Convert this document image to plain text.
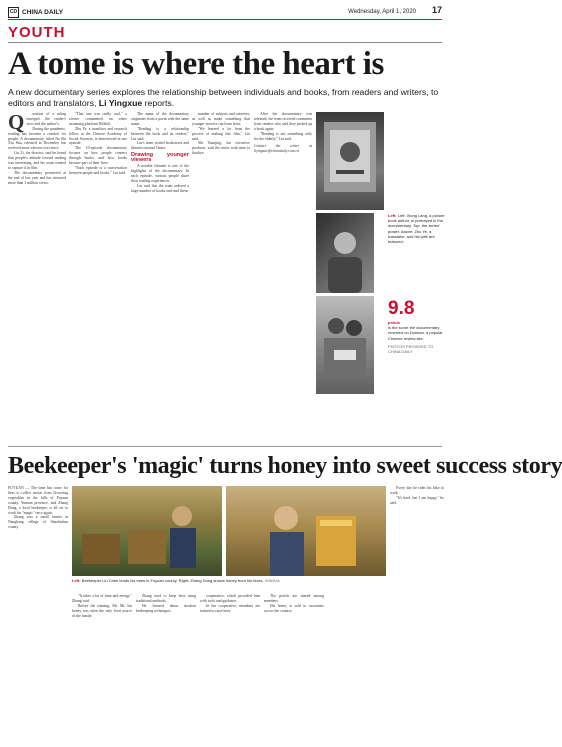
CD CHINA DAILY	Wednesday, April 1, 2020 17
YOUTH
A tome is where the heart is
A new documentary series explores the relationship between individuals and books, from readers and writers, to editors and translators, Li Yingxue reports.
Q	uestion of a ruling emerged: the reader's view and the author's.

During the pandemic, reading has become a comfort for people. A documentary, titled Jiu Shi Xin Shu, released in December has received more viewers ever since.

Liu Zi, the director, said he found that people's attitude toward reading was interesting, and his team wanted to capture it in film.

The documentary premiered at the end of last year and has attracted more than 1 million views.

"That one was really cool," a viewer commented on video streaming platform Bilibili.

Zhu Ye, a translator and research fellow at the Chinese Academy of Social Sciences, is interviewed in one episode.

The 10-episode documentary focuses on how people connect through books, and how books become part of their lives.

"Each episode is a conversation between people and books," Liu said.

The name of the documentary originates from a poem with the same name.

"Reading is a relationship between the book and its readers," Liu said.

Liu's team visited bookstores and libraries around China.

Drawing younger viewers

A notable element is one of the highlights of the documentary. In each episode, various people share their reading experiences.

Liu said that the team ordered a large number of books and read them.

number of subjects and interests, as well as make something that younger viewers can learn from.

"We learned a lot from the process of making this film," Liu said.

Shi Yuanjing, the executive producer, said the series took time to finalize.

After the documentary was released, the team received comments from readers who said they picked up a book again.

"Reading is not something only for the elderly," Liu said.

Contact the writer at liyingxue@chinadaily.com.cn

Left: Left: Xiong Lang, a picture book author, is portrayed in the documentary. Top: the series' poster. Above: Zhu Ye, a translator, and his wife are featured.
9.8
points
is the score the documentary received on Douban, a popular Chinese review site.
PHOTOS PROVIDED TO CHINA DAILY
Beekeeper's 'magic' turns honey into sweet success story

FUYUAN — The time has come for bees to collect nectar from flowering vegetables in the hills of Fuyuan county, Yunnan province, and Zhang Dong, a local beekeeper, is all set to work his "magic" once again.

Zhang was a small farmer in Nangbang village of Shaobishan county.

Left: Beekeeper Liu Chen tends his bees in Fuyuan county. Right: Zhang Dong shows honey from his hives. XINHUA

"It takes a lot of time and energy," Zhang said.

Before the training, Mr. Mr. his honey was often the only food source of the family.

Zhang used to keep bees using traditional methods.

He learned about modern beekeeping techniques.

cooperative, which provided him with tools and guidance.

In the cooperative, members are trained to raise bees.

The profits are shared among members.

His honey is sold to customers across the country.

Every day he rides his bike to work.

"It's hard, but I am happy," he said.
